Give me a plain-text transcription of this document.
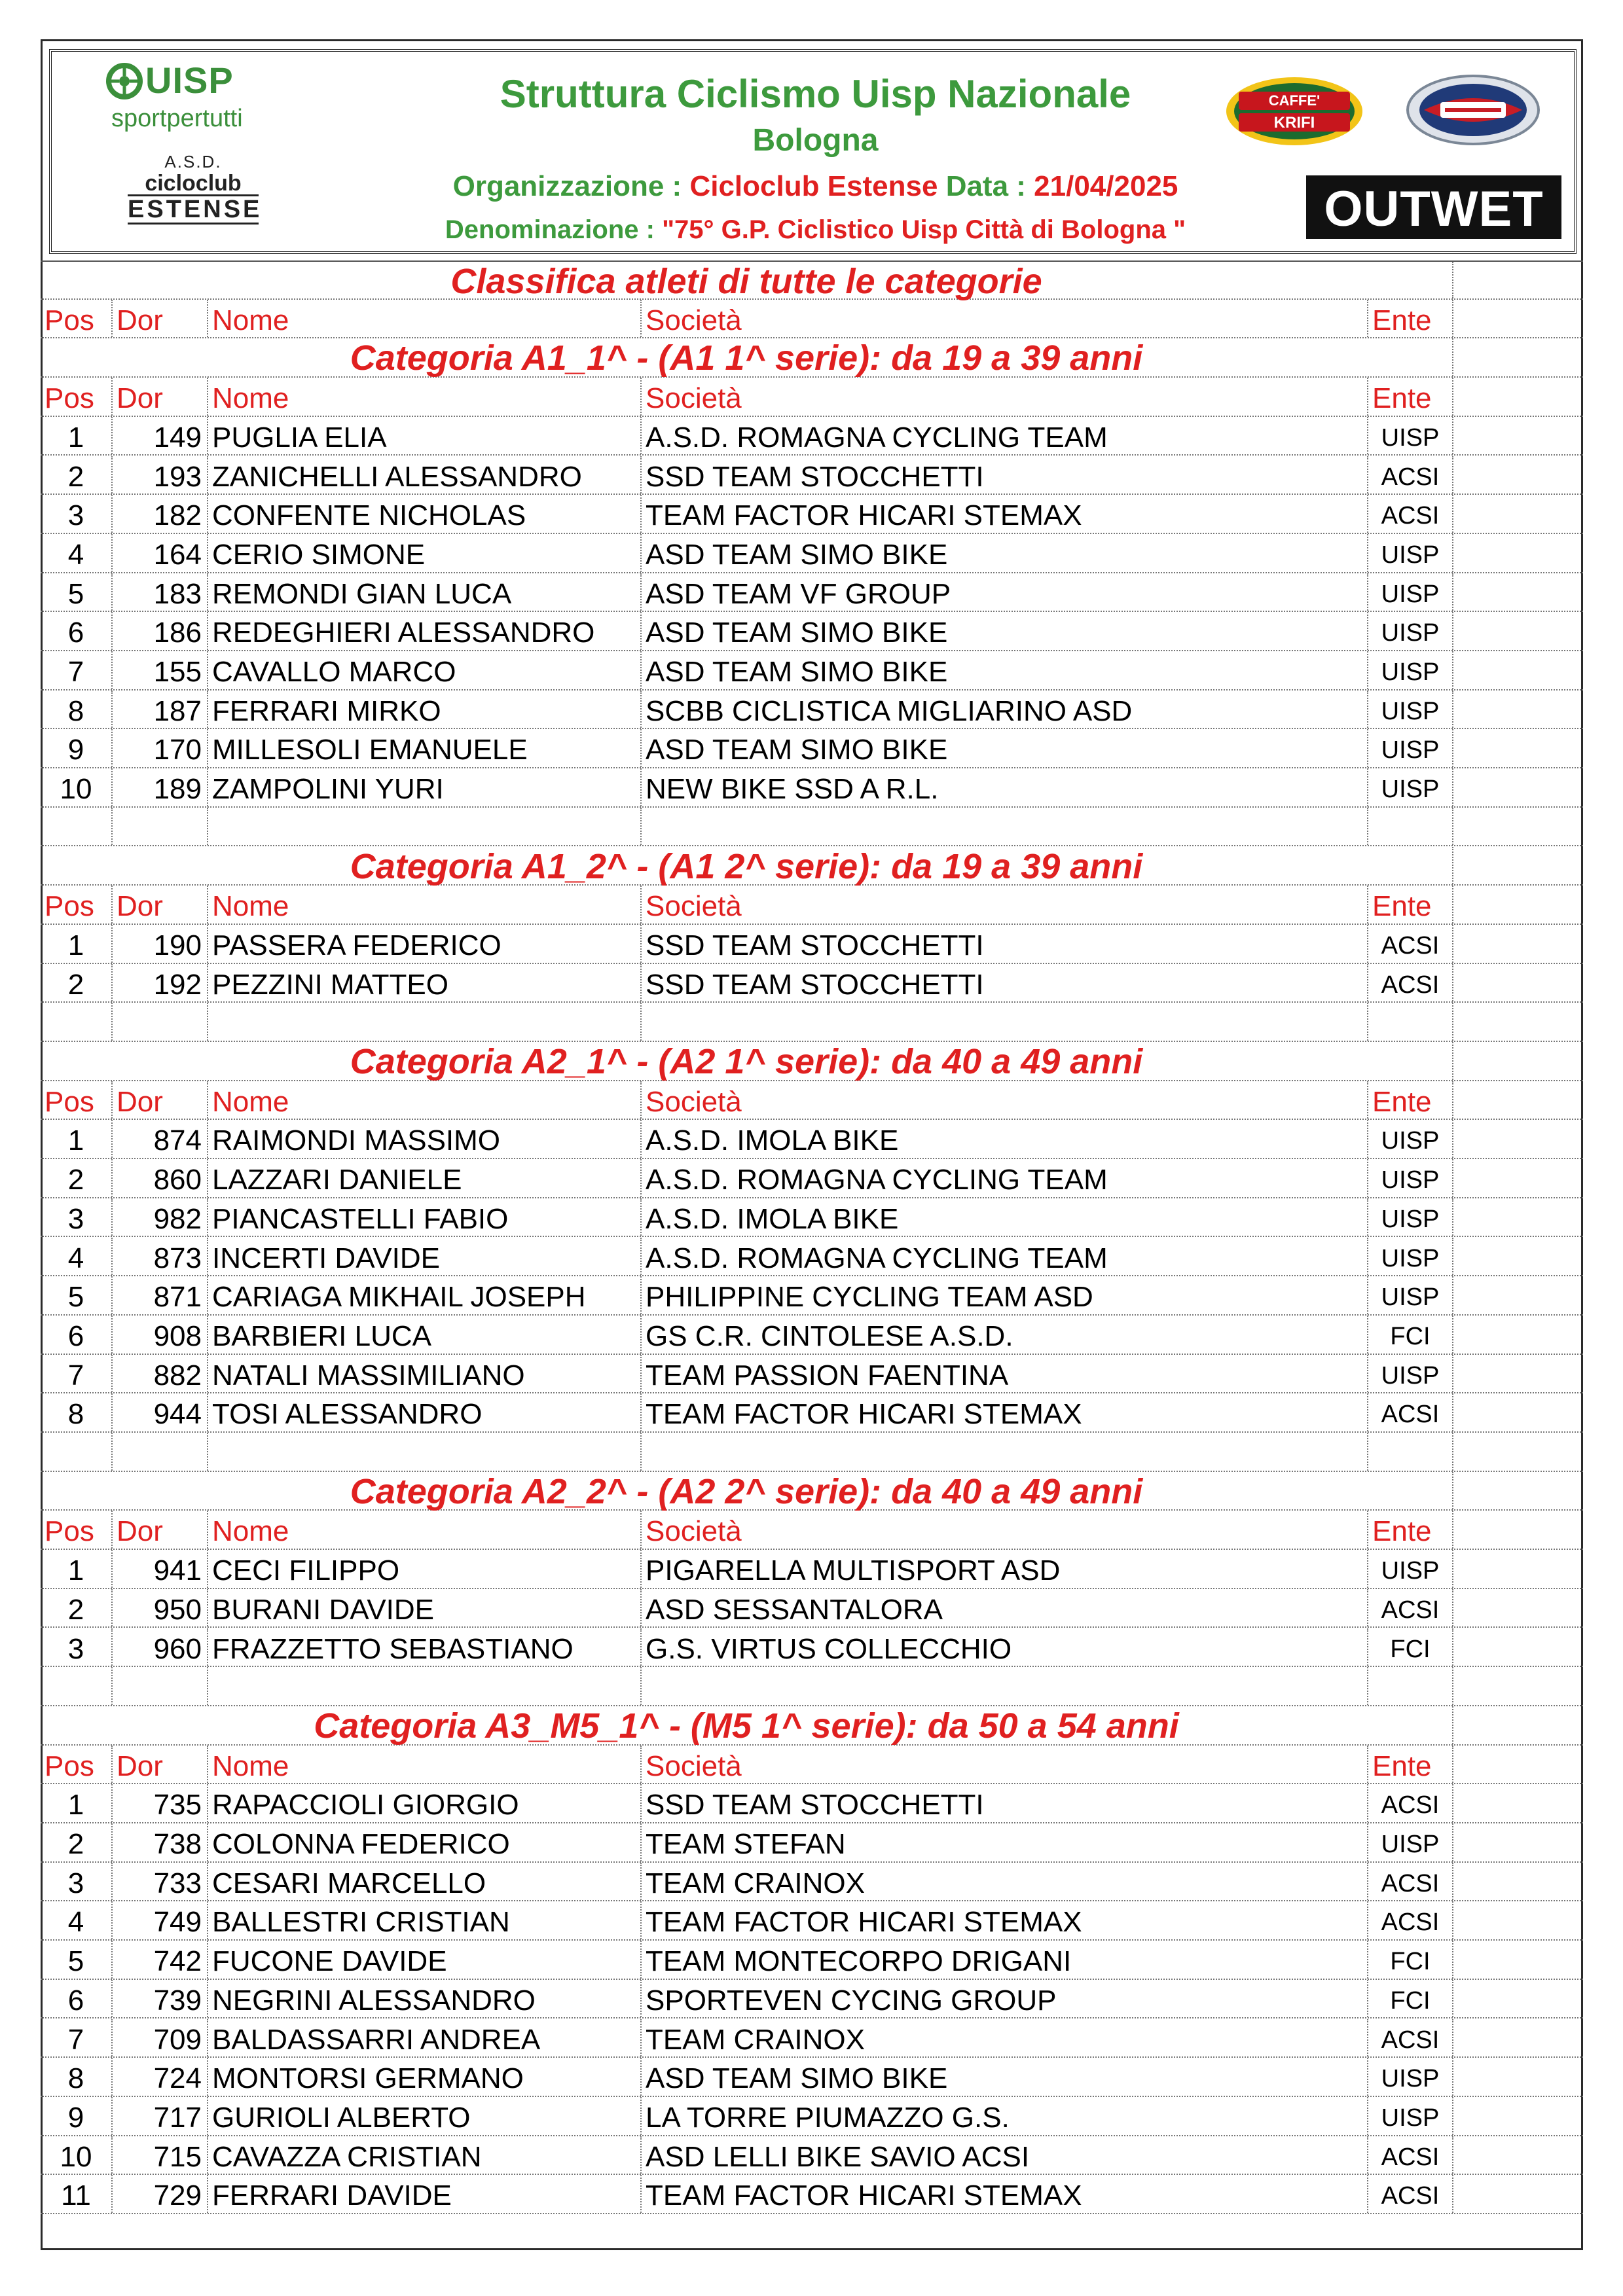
Struttura Ciclismo Uisp Nazionale
Bologna
Organizzazione : Cicloclub Estense Data : 21/04/2025
Denominazione : "75° G.P. Ciclistico Uisp Città di Bologna "
UISP
sportpertutti
A.S.D.
cicloclub
ESTENSE
CAFFE'
KRIFI
OUTWET
Classifica atleti di tutte le categorie
Pos Dor	Nome	Società	Ente
Categoria A1_1^ - (A1 1^ serie): da 19 a 39 anni
Pos Dor	Nome	Società	Ente
1	149 PUGLIA ELIA	A.S.D. ROMAGNA CYCLING TEAM	UISP
2	193 ZANICHELLI ALESSANDRO	SSD TEAM STOCCHETTI	ACSI
3	182 CONFENTE NICHOLAS	TEAM FACTOR HICARI STEMAX	ACSI
4	164 CERIO SIMONE	ASD TEAM SIMO BIKE	UISP
5	183 REMONDI GIAN LUCA	ASD TEAM VF GROUP	UISP
6	186 REDEGHIERI ALESSANDRO	ASD TEAM SIMO BIKE	UISP
7	155 CAVALLO MARCO	ASD TEAM SIMO BIKE	UISP
8	187 FERRARI MIRKO	SCBB CICLISTICA MIGLIARINO ASD	UISP
9	170 MILLESOLI EMANUELE	ASD TEAM SIMO BIKE	UISP
10	189 ZAMPOLINI YURI	NEW BIKE SSD A R.L.	UISP
Categoria A1_2^ - (A1 2^ serie): da 19 a 39 anni
Pos Dor	Nome	Società	Ente
1	190 PASSERA FEDERICO	SSD TEAM STOCCHETTI	ACSI
2	192 PEZZINI MATTEO	SSD TEAM STOCCHETTI	ACSI
Categoria A2_1^ - (A2 1^ serie): da 40 a 49 anni
Pos Dor	Nome	Società	Ente
1	874 RAIMONDI MASSIMO	A.S.D. IMOLA BIKE	UISP
2	860 LAZZARI DANIELE	A.S.D. ROMAGNA CYCLING TEAM	UISP
3	982 PIANCASTELLI FABIO	A.S.D. IMOLA BIKE	UISP
4	873 INCERTI DAVIDE	A.S.D. ROMAGNA CYCLING TEAM	UISP
5	871 CARIAGA MIKHAIL JOSEPH	PHILIPPINE CYCLING TEAM ASD	UISP
6	908 BARBIERI LUCA	GS C.R. CINTOLESE A.S.D.	FCI
7	882 NATALI MASSIMILIANO	TEAM PASSION FAENTINA	UISP
8	944 TOSI ALESSANDRO	TEAM FACTOR HICARI STEMAX	ACSI
Categoria A2_2^ - (A2 2^ serie): da 40 a 49 anni
Pos Dor	Nome	Società	Ente
1	941 CECI FILIPPO	PIGARELLA MULTISPORT ASD	UISP
2	950 BURANI DAVIDE	ASD SESSANTALORA	ACSI
3	960 FRAZZETTO SEBASTIANO	G.S. VIRTUS COLLECCHIO	FCI
Categoria A3_M5_1^ - (M5 1^ serie): da 50 a 54 anni
Pos Dor	Nome	Società	Ente
1	735 RAPACCIOLI GIORGIO	SSD TEAM STOCCHETTI	ACSI
2	738 COLONNA FEDERICO	TEAM STEFAN	UISP
3	733 CESARI MARCELLO	TEAM CRAINOX	ACSI
4	749 BALLESTRI CRISTIAN	TEAM FACTOR HICARI STEMAX	ACSI
5	742 FUCONE DAVIDE	TEAM MONTECORPO DRIGANI	FCI
6	739 NEGRINI ALESSANDRO	SPORTEVEN CYCING GROUP	FCI
7	709 BALDASSARRI ANDREA	TEAM CRAINOX	ACSI
8	724 MONTORSI GERMANO	ASD TEAM SIMO BIKE	UISP
9	717 GURIOLI ALBERTO	LA TORRE PIUMAZZO G.S.	UISP
10	715 CAVAZZA CRISTIAN	ASD LELLI BIKE SAVIO ACSI	ACSI
11	729 FERRARI DAVIDE	TEAM FACTOR HICARI STEMAX	ACSI
